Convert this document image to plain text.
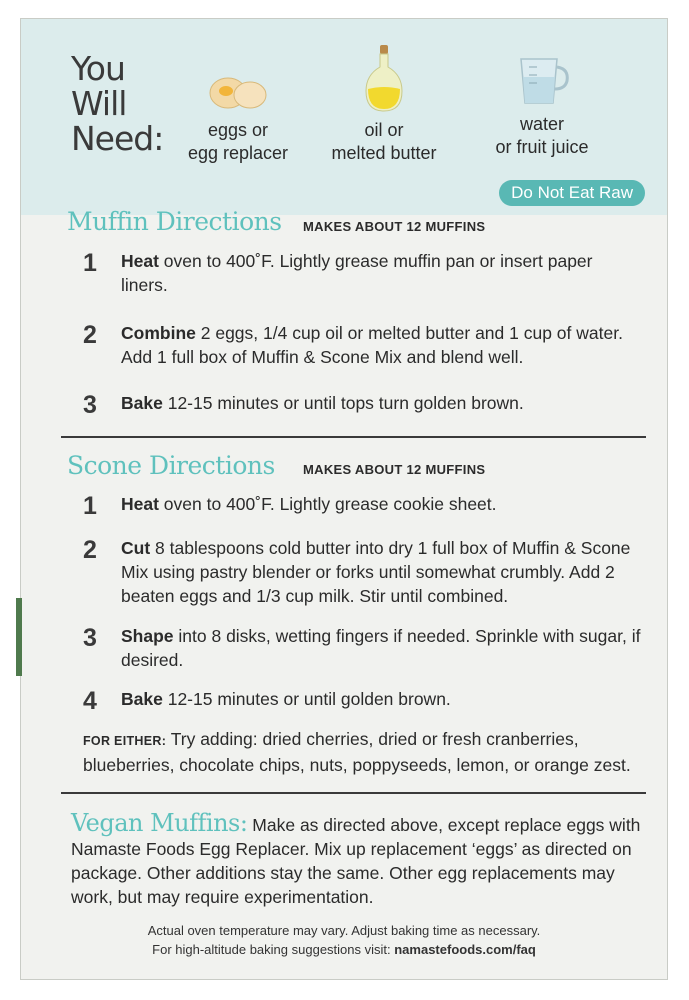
You
Will
Need:	eggs or
egg replacer
oil or
melted butter
water
or fruit juice
Do Not Eat Raw
Muffin Directions MAKES ABOUT 12 MUFFINS
1 Heat oven to 400˚F. Lightly grease muffin pan or insert paper liners.
2 Combine 2 eggs, 1/4 cup oil or melted butter and 1 cup of water. Add 1 full box of Muffin & Scone Mix and blend well.
3 Bake 12-15 minutes or until tops turn golden brown.
Scone Directions MAKES ABOUT 12 MUFFINS
1 Heat oven to 400˚F. Lightly grease cookie sheet.
2 Cut 8 tablespoons cold butter into dry 1 full box of Muffin & Scone Mix using pastry blender or forks until somewhat crumbly. Add 2 beaten eggs and 1/3 cup milk. Stir until combined.
3 Shape into 8 disks, wetting fingers if needed. Sprinkle with sugar, if desired.
4 Bake 12-15 minutes or until golden brown.
FOR EITHER: Try adding: dried cherries, dried or fresh cranberries, blueberries, chocolate chips, nuts, poppyseeds, lemon, or orange zest.
Vegan Muffins: Make as directed above, except replace eggs with Namaste Foods Egg Replacer. Mix up replacement ‘eggs’ as directed on package. Other additions stay the same. Other egg replacements may work, but may require experimentation.
Actual oven temperature may vary. Adjust baking time as necessary.
For high-altitude baking suggestions visit: namastefoods.com/faq
